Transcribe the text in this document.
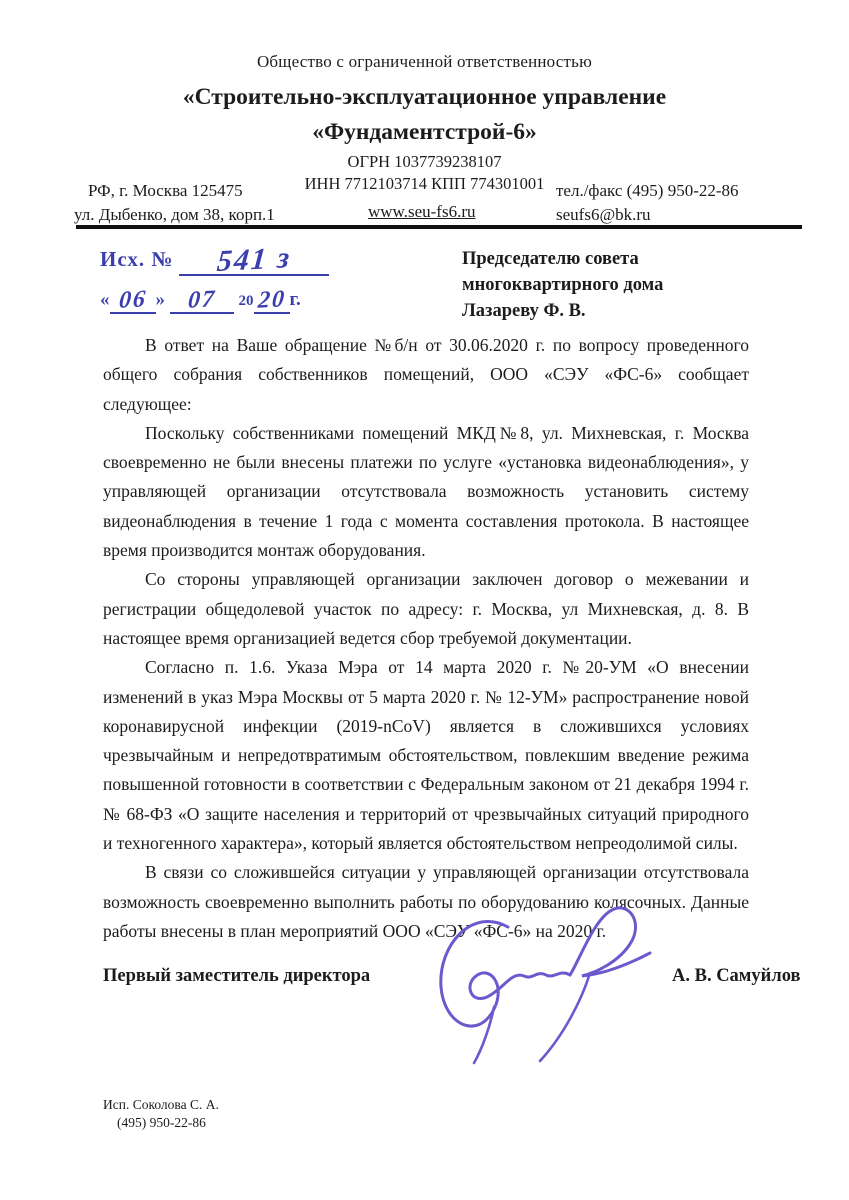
Общество с ограниченной ответственностью
«Строительно-эксплуатационное управление
«Фундаментстрой-6»
ОГРН 1037739238107
ИНН 7712103714 КПП 774301001
РФ, г. Москва 125475
ул. Дыбенко, дом 38, корп.1	www.seu-fs6.ru
тел./факс (495) 950-22-86
seufs6@bk.ru
Исх. № 541 з
« 06 » 07 20 20 г.
Председателю совета
многоквартирного дома
Лазареву Ф. В.

В ответ на Ваше обращение №б/н от 30.06.2020 г. по вопросу проведенного общего собрания собственников помещений, ООО «СЭУ «ФС-6» сообщает следующее:

Поскольку собственниками помещений МКД№8, ул. Михневская, г. Москва своевременно не были внесены платежи по услуге «установка видеонаблюдения», у управляющей организации отсутствовала возможность установить систему видеонаблюдения в течение 1 года с момента составления протокола. В настоящее время производится монтаж оборудования.

Со стороны управляющей организации заключен договор о межевании и регистрации общедолевой участок по адресу: г. Москва, ул Михневская, д. 8. В настоящее время организацией ведется сбор требуемой документации.

Согласно п. 1.6. Указа Мэра от 14 марта 2020 г. №20-УМ «О внесении изменений в указ Мэра Москвы от 5 марта 2020 г. № 12-УМ» распространение новой коронавирусной инфекции (2019-nCoV) является в сложившихся условиях чрезвычайным и непредотвратимым обстоятельством, повлекшим введение режима повышенной готовности в соответствии с Федеральным законом от 21 декабря 1994 г. № 68-ФЗ «О защите населения и территорий от чрезвычайных ситуаций природного и техногенного характера», который является обстоятельством непреодолимой силы.

В связи со сложившейся ситуации у управляющей организации отсутствовала возможность своевременно выполнить работы по оборудованию колясочных. Данные работы внесены в план мероприятий ООО «СЭУ «ФС-6» на 2020 г.

Первый заместитель директора	А. В. Самуйлов
Исп. Соколова С. А.
(495) 950-22-86
